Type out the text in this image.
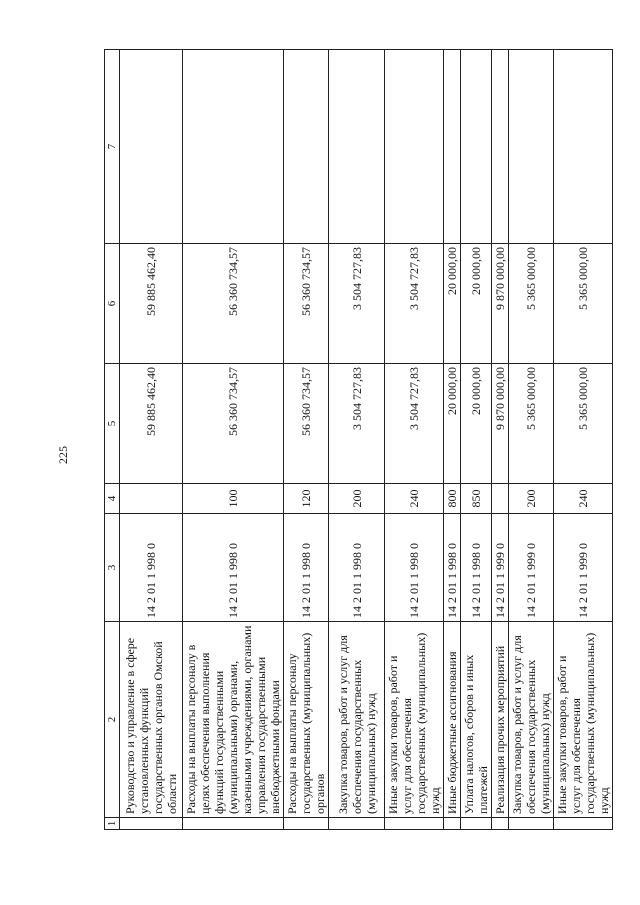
225
1	2	3	4	5	6	7
	Руководство и управление в сфере установленных функций государственных органов Омской области	14 2 01 1 998 0		59 885 462,40	59 885 462,40	
	Расходы на выплаты персоналу в целях обеспечения выполнения функций государственными (муниципальными) органами, казенными учреждениями, органами управления государственными внебюджетными фондами	14 2 01 1 998 0	100	56 360 734,57	56 360 734,57	
	Расходы на выплаты персоналу государственных (муниципальных) органов	14 2 01 1 998 0	120	56 360 734,57	56 360 734,57	
	Закупка товаров, работ и услуг для обеспечения государственных (муниципальных) нужд	14 2 01 1 998 0	200	3 504 727,83	3 504 727,83	
	Иные закупки товаров, работ и услуг для обеспечения государственных (муниципальных) нужд	14 2 01 1 998 0	240	3 504 727,83	3 504 727,83	
	Иные бюджетные ассигнования	14 2 01 1 998 0	800	20 000,00	20 000,00	
	Уплата налогов, сборов и иных платежей	14 2 01 1 998 0	850	20 000,00	20 000,00	
	Реализация прочих мероприятий	14 2 01 1 999 0		9 870 000,00	9 870 000,00	
	Закупка товаров, работ и услуг для обеспечения государственных (муниципальных) нужд	14 2 01 1 999 0	200	5 365 000,00	5 365 000,00	
	Иные закупки товаров, работ и услуг для обеспечения государственных (муниципальных) нужд	14 2 01 1 999 0	240	5 365 000,00	5 365 000,00	
